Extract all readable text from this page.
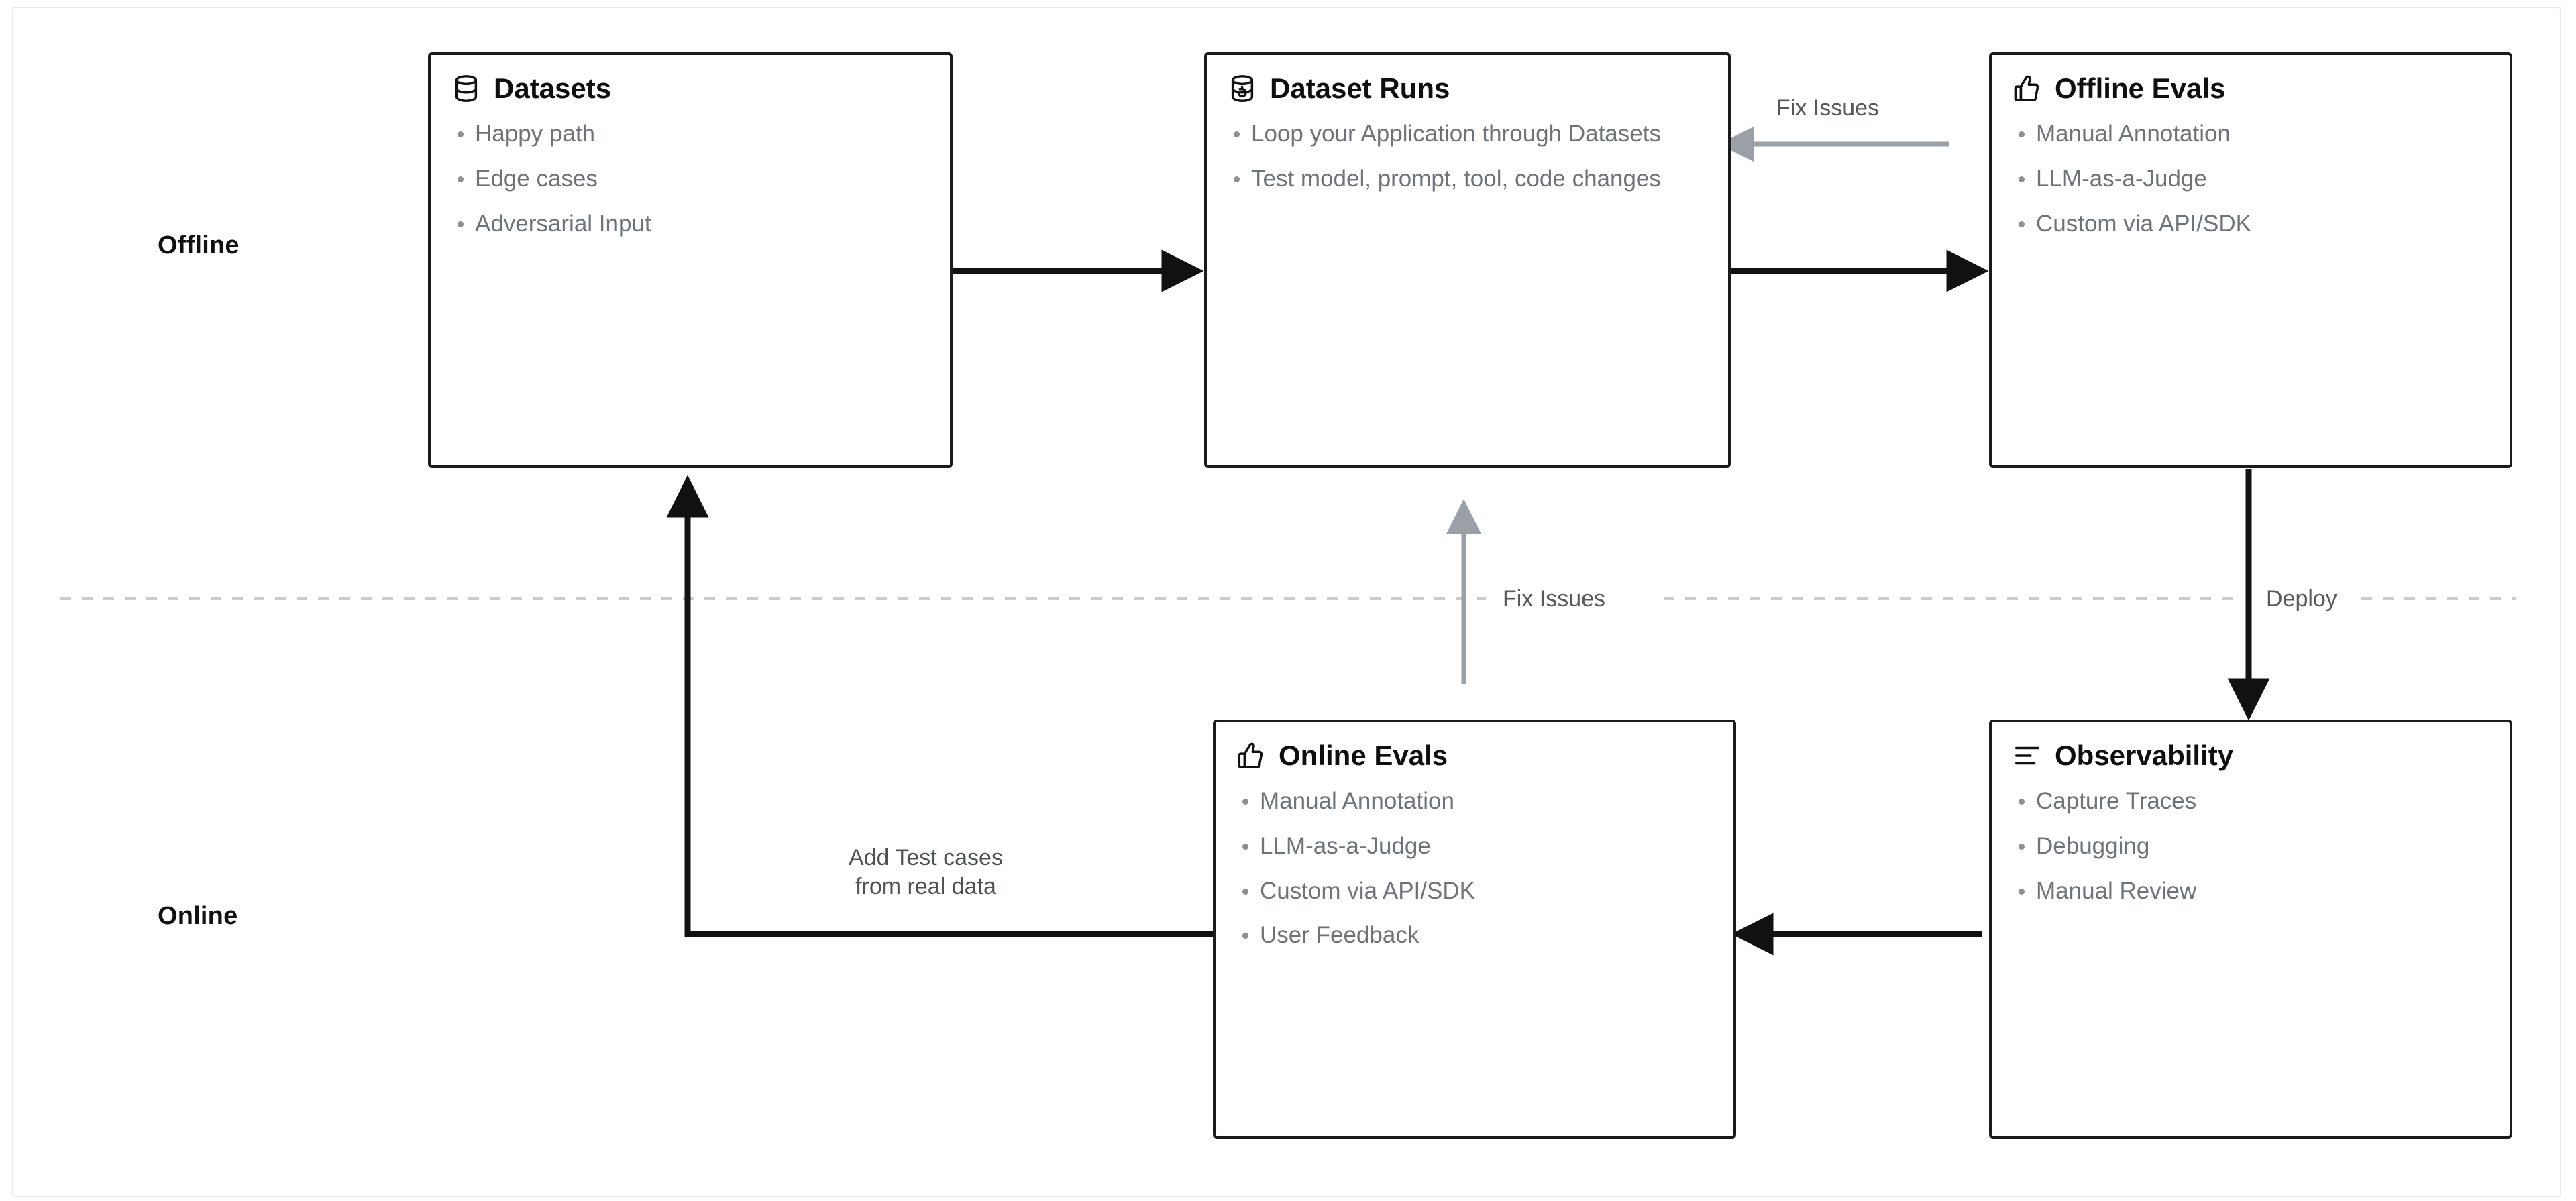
Offline
Online
Fix Issues
Fix Issues	Deploy
Add Test cases
from real data
Datasets
Happy path
Edge cases
Adversarial Input
Dataset Runs
Loop your Application through Datasets
Test model, prompt, tool, code changes
Offline Evals
Manual Annotation
LLM-as-a-Judge
Custom via API/SDK
Online Evals
Manual Annotation
LLM-as-a-Judge
Custom via API/SDK
User Feedback
Observability
Capture Traces
Debugging
Manual Review
